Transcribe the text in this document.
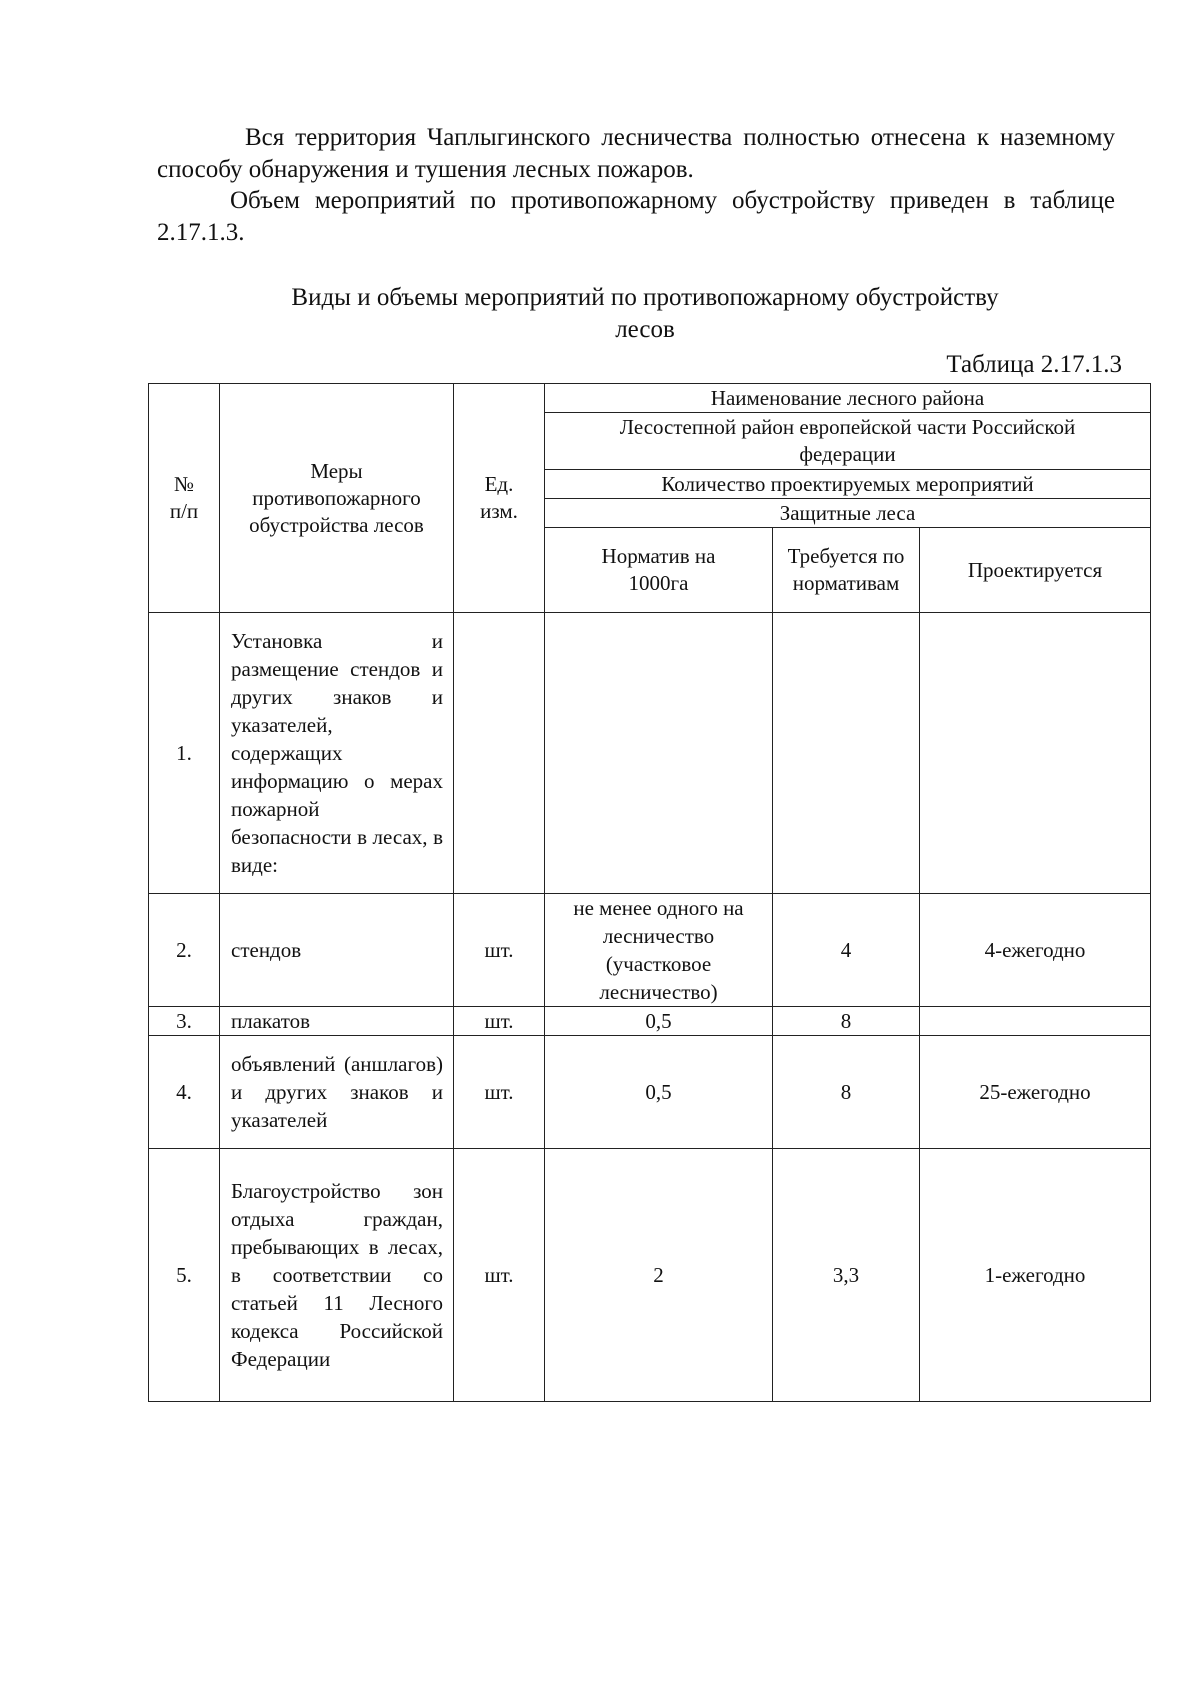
Вся территория Чаплыгинского лесничества полностью отнесена к наземному способу обнаружения и тушения лесных пожаров.
Объем мероприятий по противопожарному обустройству приведен в таблице 2.17.1.3.
Виды и объемы мероприятий по противопожарному обустройству лесов
Таблица 2.17.1.3
№ п/п	Меры противопожарного обустройства лесов	Ед. изм.	Наименование лесного района		
			Лесостепной район европейской части Российской федерации		
			Количество проектируемых мероприятий		
			Защитные леса		
			Норматив на 1000га	Требуется по нормативам	Проектируется
1.	Установка и размещение стендов и других знаков и указателей, содержащих информацию о мерах пожарной безопасности в лесах, в виде:				
2.	стендов	шт.	не менее одного на лесничество (участковое лесничество)	4	4-ежегодно
3.	плакатов	шт.	0,5	8	
4.	объявлений (аншлагов) и других знаков и указателей	шт.	0,5	8	25-ежегодно
5.	Благоустройство зон отдыха граждан, пребывающих в лесах, в соответствии со статьей 11 Лесного кодекса Российской Федерации	шт.	2	3,3	1-ежегодно
